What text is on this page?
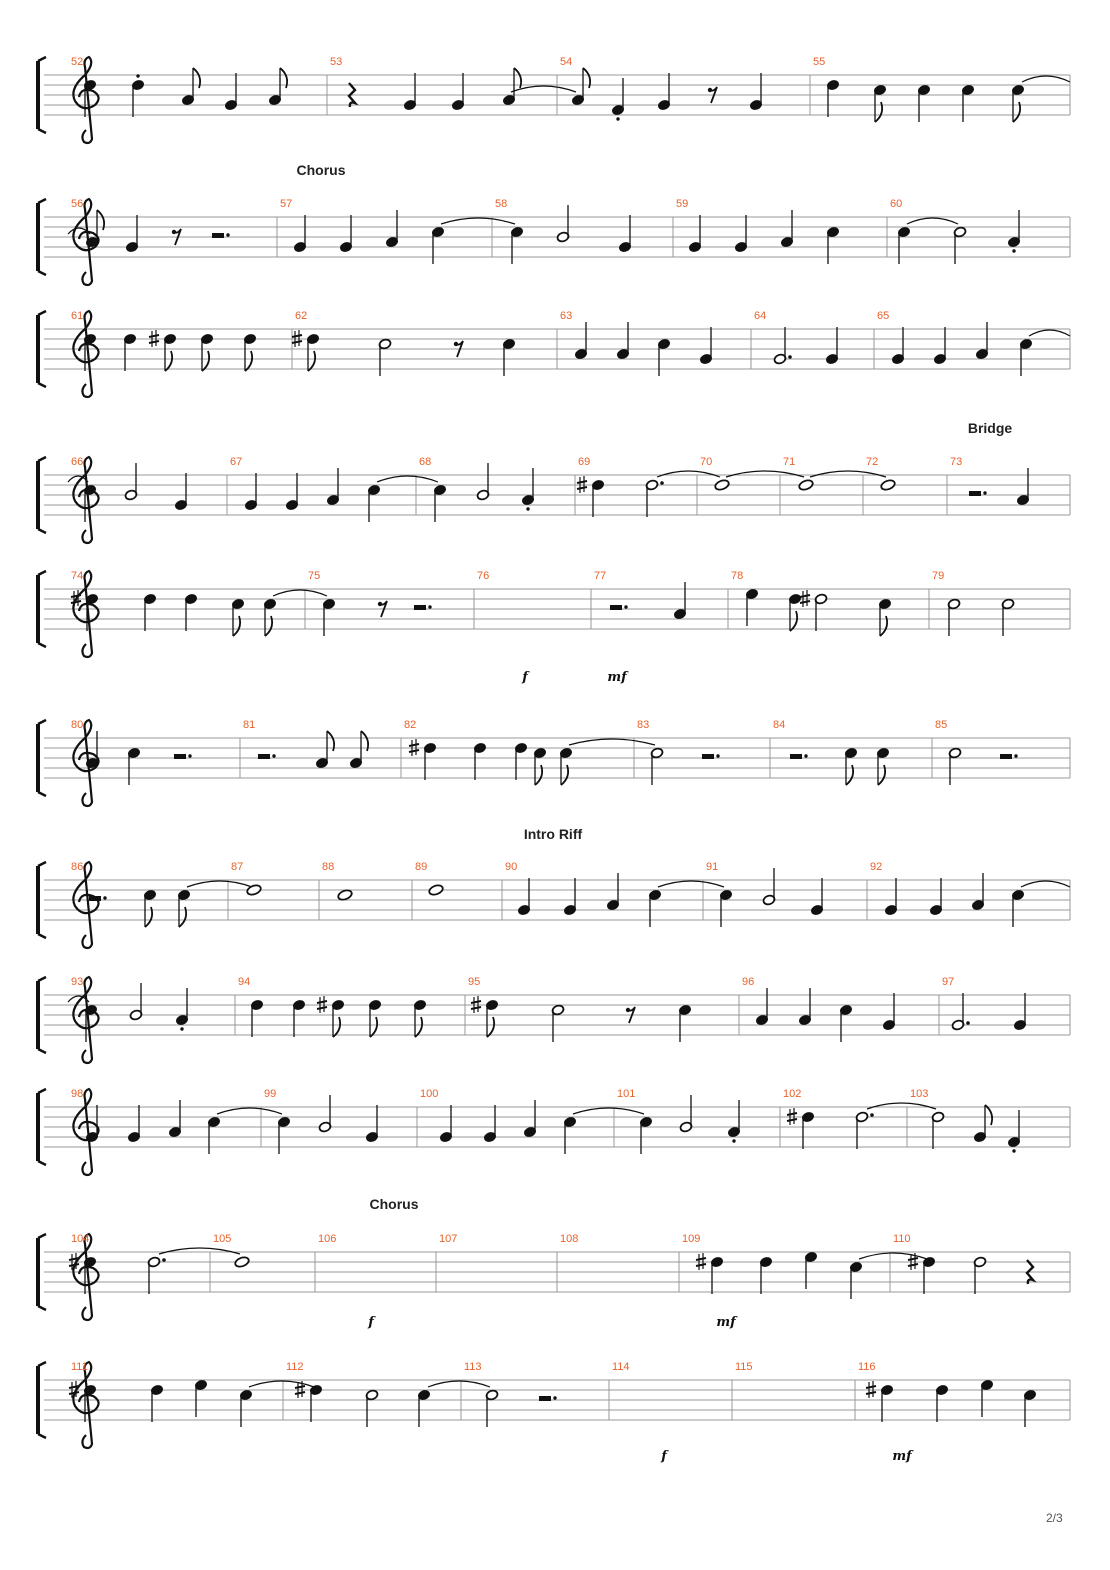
52	53	54	55
56	57	58	59	60
Chorus
61	62	63	64	65
66	67	68	69	70	71	72	73
Bridge
74	75	76	77	78	79
f	mf
80	81	82	83	84	85
86	87	88	89	90	91	92
Intro Riff
93	94	95	96	97
98	99	100	101	102	103
104	105	106	107	108	109	110
Chorus
f	mf
111	112	113	114	115	116
f	mf
2/3
